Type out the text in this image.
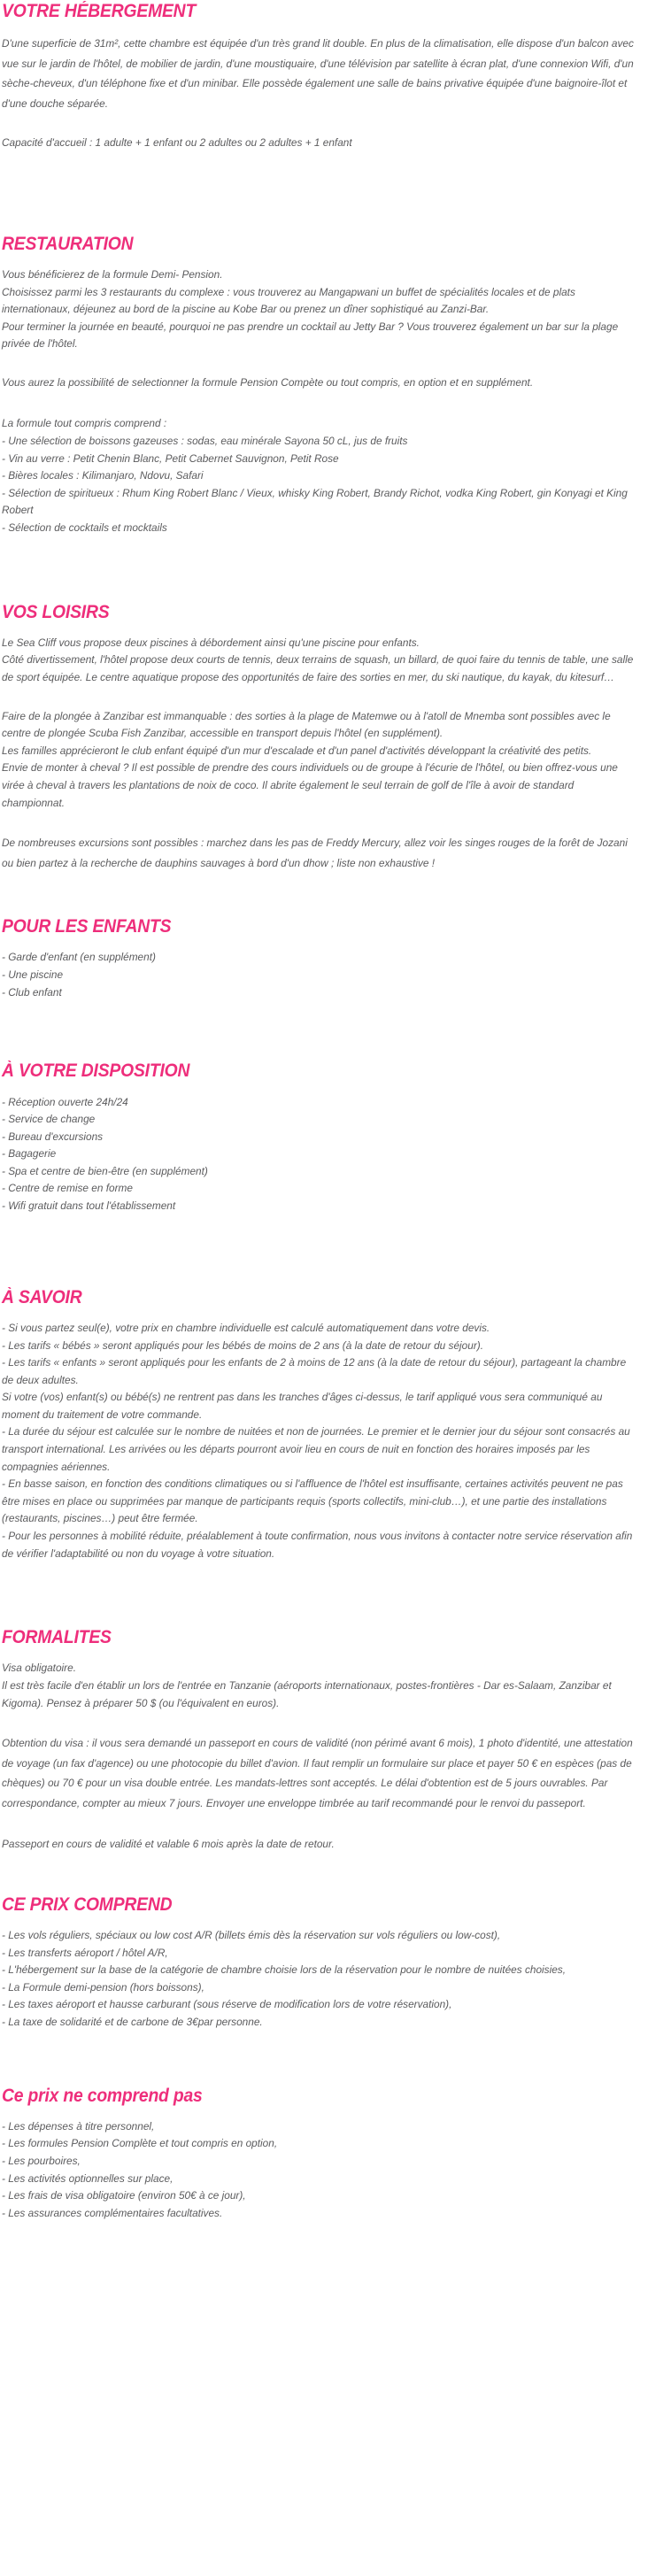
VOTRE HÉBERGEMENT

D'une superficie de 31m², cette chambre est équipée d'un très grand lit double. En plus de la climatisation, elle dispose d'un balcon avec vue sur le jardin de l'hôtel, de mobilier de jardin, d'une moustiquaire, d'une télévision par satellite à écran plat, d'une connexion Wifi, d'un sèche-cheveux, d'un téléphone fixe et d'un minibar. Elle possède également une salle de bains privative équipée d'une baignoire-îlot et d'une douche séparée.

Capacité d'accueil : 1 adulte + 1 enfant ou 2 adultes ou 2 adultes + 1 enfant

RESTAURATION

Vous bénéficierez de la formule Demi- Pension.

Choisissez parmi les 3 restaurants du complexe : vous trouverez au Mangapwani un buffet de spécialités locales et de plats internationaux, déjeunez au bord de la piscine au Kobe Bar ou prenez un dîner sophistiqué au Zanzi-Bar.

Pour terminer la journée en beauté, pourquoi ne pas prendre un cocktail au Jetty Bar ? Vous trouverez également un bar sur la plage privée de l'hôtel.

Vous aurez la possibilité de selectionner la formule Pension Compète ou tout compris, en option et en supplément.

La formule tout compris comprend :

- Une sélection de boissons gazeuses : sodas, eau minérale Sayona 50 cL, jus de fruits

- Vin au verre : Petit Chenin Blanc, Petit Cabernet Sauvignon, Petit Rose

- Bières locales : Kilimanjaro, Ndovu, Safari

- Sélection de spiritueux : Rhum King Robert Blanc / Vieux, whisky King Robert, Brandy Richot, vodka King Robert, gin Konyagi et King Robert

- Sélection de cocktails et mocktails

VOS LOISIRS

Le Sea Cliff vous propose deux piscines à débordement ainsi qu'une piscine pour enfants.

Côté divertissement, l'hôtel propose deux courts de tennis, deux terrains de squash, un billard, de quoi faire du tennis de table, une salle de sport équipée. Le centre aquatique propose des opportunités de faire des sorties en mer, du ski nautique, du kayak, du kitesurf…

Faire de la plongée à Zanzibar est immanquable : des sorties à la plage de Matemwe ou à l'atoll de Mnemba sont possibles avec le centre de plongée Scuba Fish Zanzibar, accessible en transport depuis l'hôtel (en supplément).

Les familles apprécieront le club enfant équipé d'un mur d'escalade et d'un panel d'activités développant la créativité des petits.

Envie de monter à cheval ? Il est possible de prendre des cours individuels ou de groupe à l'écurie de l'hôtel, ou bien offrez-vous une virée à cheval à travers les plantations de noix de coco. Il abrite également le seul terrain de golf de l'île à avoir de standard championnat.

De nombreuses excursions sont possibles : marchez dans les pas de Freddy Mercury, allez voir les singes rouges de la forêt de Jozani ou bien partez à la recherche de dauphins sauvages à bord d'un dhow ; liste non exhaustive !

POUR LES ENFANTS

- Garde d'enfant (en supplément)

- Une piscine

- Club enfant

À VOTRE DISPOSITION

- Réception ouverte 24h/24

- Service de change

- Bureau d'excursions

- Bagagerie

- Spa et centre de bien-être (en supplément)

- Centre de remise en forme

- Wifi gratuit dans tout l'établissement

À SAVOIR

- Si vous partez seul(e), votre prix en chambre individuelle est calculé automatiquement dans votre devis.

- Les tarifs « bébés » seront appliqués pour les bébés de moins de 2 ans (à la date de retour du séjour).

- Les tarifs « enfants » seront appliqués pour les enfants de 2 à moins de 12 ans (à la date de retour du séjour), partageant la chambre de deux adultes.

Si votre (vos) enfant(s) ou bébé(s) ne rentrent pas dans les tranches d'âges ci-dessus, le tarif appliqué vous sera communiqué au moment du traitement de votre commande.

- La durée du séjour est calculée sur le nombre de nuitées et non de journées. Le premier et le dernier jour du séjour sont consacrés au transport international. Les arrivées ou les départs pourront avoir lieu en cours de nuit en fonction des horaires imposés par les compagnies aériennes.

- En basse saison, en fonction des conditions climatiques ou si l'affluence de l'hôtel est insuffisante, certaines activités peuvent ne pas être mises en place ou supprimées par manque de participants requis (sports collectifs, mini-club…), et une partie des installations (restaurants, piscines…) peut être fermée.

- Pour les personnes à mobilité réduite, préalablement à toute confirmation, nous vous invitons à contacter notre service réservation afin de vérifier l'adaptabilité ou non du voyage à votre situation.

FORMALITES

Visa obligatoire.

Il est très facile d'en établir un lors de l'entrée en Tanzanie (aéroports internationaux, postes-frontières - Dar es-Salaam, Zanzibar et Kigoma). Pensez à préparer 50 $ (ou l'équivalent en euros).

Obtention du visa : il vous sera demandé un passeport en cours de validité (non périmé avant 6 mois), 1 photo d'identité, une attestation de voyage (un fax d'agence) ou une photocopie du billet d'avion. Il faut remplir un formulaire sur place et payer 50 € en espèces (pas de chèques) ou 70 € pour un visa double entrée. Les mandats-lettres sont acceptés. Le délai d'obtention est de 5 jours ouvrables. Par correspondance, compter au mieux 7 jours. Envoyer une enveloppe timbrée au tarif recommandé pour le renvoi du passeport.

Passeport en cours de validité et valable 6 mois après la date de retour.

CE PRIX COMPREND

- Les vols réguliers, spéciaux ou low cost A/R (billets émis dès la réservation sur vols réguliers ou low-cost),

- Les transferts aéroport / hôtel A/R,

- L'hébergement sur la base de la catégorie de chambre choisie lors de la réservation pour le nombre de nuitées choisies,

- La Formule demi-pension (hors boissons),

- Les taxes aéroport et hausse carburant (sous réserve de modification lors de votre réservation),

- La taxe de solidarité et de carbone de 3€par personne.

Ce prix ne comprend pas

- Les dépenses à titre personnel,

- Les formules Pension Complète et tout compris en option,

- Les pourboires,

- Les activités optionnelles sur place,

- Les frais de visa obligatoire (environ 50€ à ce jour),

- Les assurances complémentaires facultatives.
